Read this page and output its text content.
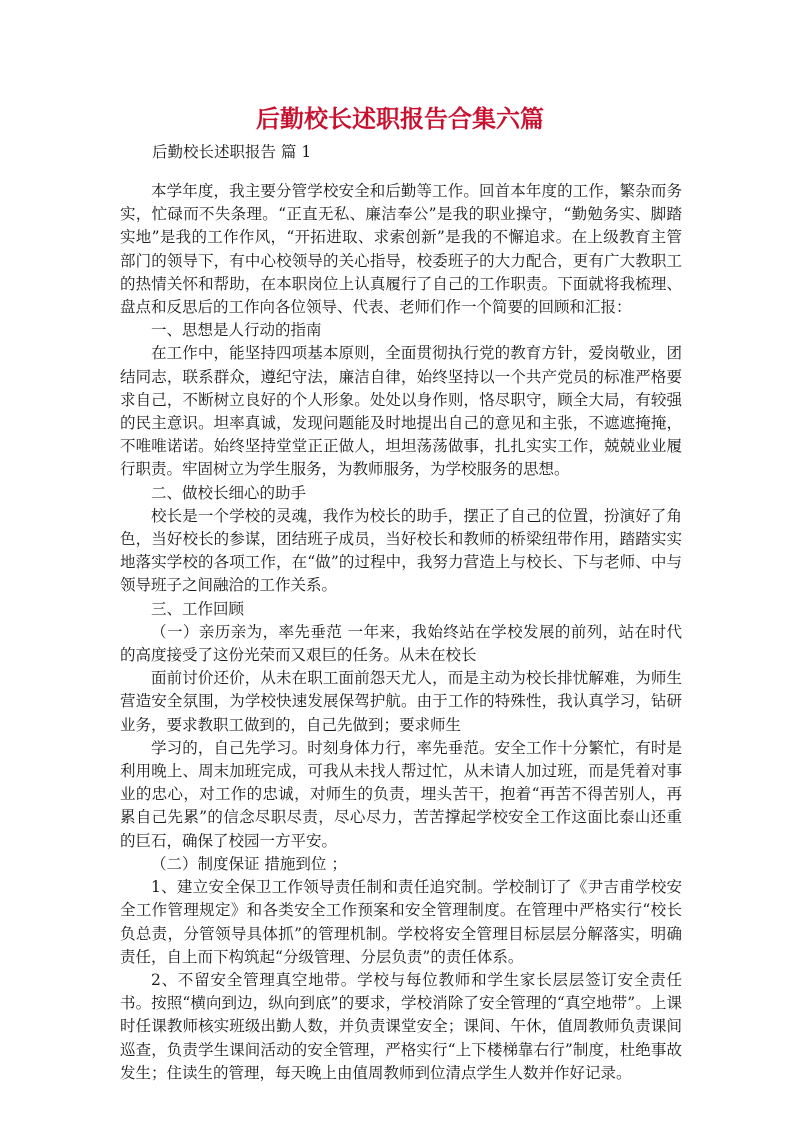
后勤校长述职报告合集六篇
后勤校长述职报告 篇 1

本学年度，我主要分管学校安全和后勤等工作。回首本年度的工作，繁杂而务实，忙碌而不失条理。“正直无私、廉洁奉公”是我的职业操守，“勤勉务实、脚踏实地”是我的工作作风，“开拓进取、求索创新”是我的不懈追求。在上级教育主管部门的领导下，有中心校领导的关心指导，校委班子的大力配合，更有广大教职工的热情关怀和帮助，在本职岗位上认真履行了自己的工作职责。下面就将我梳理、盘点和反思后的工作向各位领导、代表、老师们作一个简要的回顾和汇报：

一、思想是人行动的指南

在工作中，能坚持四项基本原则，全面贯彻执行党的教育方针，爱岗敬业，团结同志，联系群众，遵纪守法，廉洁自律，始终坚持以一个共产党员的标准严格要求自己，不断树立良好的个人形象。处处以身作则，恪尽职守，顾全大局，有较强的民主意识。坦率真诚，发现问题能及时地提出自己的意见和主张，不遮遮掩掩，不唯唯诺诺。始终坚持堂堂正正做人，坦坦荡荡做事，扎扎实实工作，兢兢业业履行职责。牢固树立为学生服务，为教师服务，为学校服务的思想。

二、做校长细心的助手

校长是一个学校的灵魂，我作为校长的助手，摆正了自己的位置，扮演好了角色，当好校长的参谋，团结班子成员，当好校长和教师的桥梁纽带作用，踏踏实实地落实学校的各项工作，在“做”的过程中，我努力营造上与校长、下与老师、中与领导班子之间融洽的工作关系。

三、工作回顾

（一）亲历亲为，率先垂范 一年来，我始终站在学校发展的前列，站在时代的高度接受了这份光荣而又艰巨的任务。从未在校长

面前讨价还价，从未在职工面前怨天尤人，而是主动为校长排忧解难，为师生营造安全氛围，为学校快速发展保驾护航。由于工作的特殊性，我认真学习，钻研业务，要求教职工做到的，自己先做到；要求师生

学习的，自己先学习。时刻身体力行，率先垂范。安全工作十分繁忙，有时是利用晚上、周末加班完成，可我从未找人帮过忙，从未请人加过班，而是凭着对事业的忠心，对工作的忠诚，对师生的负责，埋头苦干，抱着“再苦不得苦别人，再累自己先累”的信念尽职尽责，尽心尽力，苦苦撑起学校安全工作这面比泰山还重的巨石，确保了校园一方平安。

（二）制度保证 措施到位 ；

1、建立安全保卫工作领导责任制和责任追究制。学校制订了《尹吉甫学校安全工作管理规定》和各类安全工作预案和安全管理制度。在管理中严格实行“校长负总责，分管领导具体抓”的管理机制。学校将安全管理目标层层分解落实，明确责任，自上而下构筑起“分级管理、分层负责”的责任体系。

2、不留安全管理真空地带。学校与每位教师和学生家长层层签订安全责任书。按照“横向到边，纵向到底”的要求，学校消除了安全管理的“真空地带”。上课时任课教师核实班级出勤人数，并负责课堂安全；课间、午休，值周教师负责课间巡查，负责学生课间活动的安全管理，严格实行“上下楼梯靠右行”制度，杜绝事故发生；住读生的管理，每天晚上由值周教师到位清点学生人数并作好记录。
